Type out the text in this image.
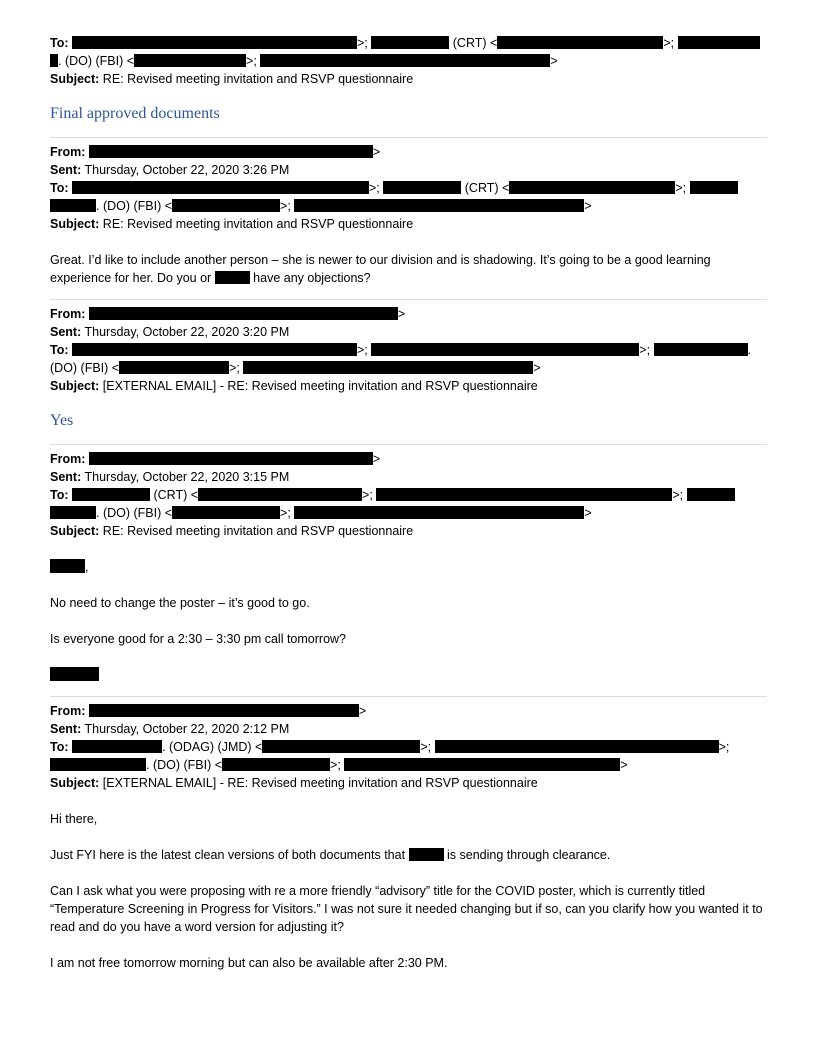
To:	>;	(CRT) <	>;
. (DO) (FBI) <	>;	>
Subject: RE: Revised meeting invitation and RSVP questionnaire
Final approved documents
From:	>
Sent: Thursday, October 22, 2020 3:26 PM
To:	>;	(CRT) <	>;
. (DO) (FBI) <	>;	>
Subject: RE: Revised meeting invitation and RSVP questionnaire

Great. I’d like to include another person – she is newer to our division and is shadowing. It’s going to be a good learning experience for her. Do you or	have any objections?

From:	>
Sent: Thursday, October 22, 2020 3:20 PM
To:	>;	>;	.
(DO) (FBI) <	>;	>
Subject: [EXTERNAL EMAIL] - RE: Revised meeting invitation and RSVP questionnaire
Yes
From:	>
Sent: Thursday, October 22, 2020 3:15 PM
To:	(CRT) <	>;	>;
. (DO) (FBI) <	>;	>
Subject: RE: Revised meeting invitation and RSVP questionnaire

,

No need to change the poster – it’s good to go.

Is everyone good for a 2:30 – 3:30 pm call tomorrow?

From:	>
Sent: Thursday, October 22, 2020 2:12 PM
To:	. (ODAG) (JMD) <	>;	>;
. (DO) (FBI) <	>;	>
Subject: [EXTERNAL EMAIL] - RE: Revised meeting invitation and RSVP questionnaire

Hi there,

Just FYI here is the latest clean versions of both documents that	is sending through clearance.

Can I ask what you were proposing with re a more friendly “advisory” title for the COVID poster, which is currently titled “Temperature Screening in Progress for Visitors.” I was not sure it needed changing but if so, can you clarify how you wanted it to read and do you have a word version for adjusting it?

I am not free tomorrow morning but can also be available after 2:30 PM.
